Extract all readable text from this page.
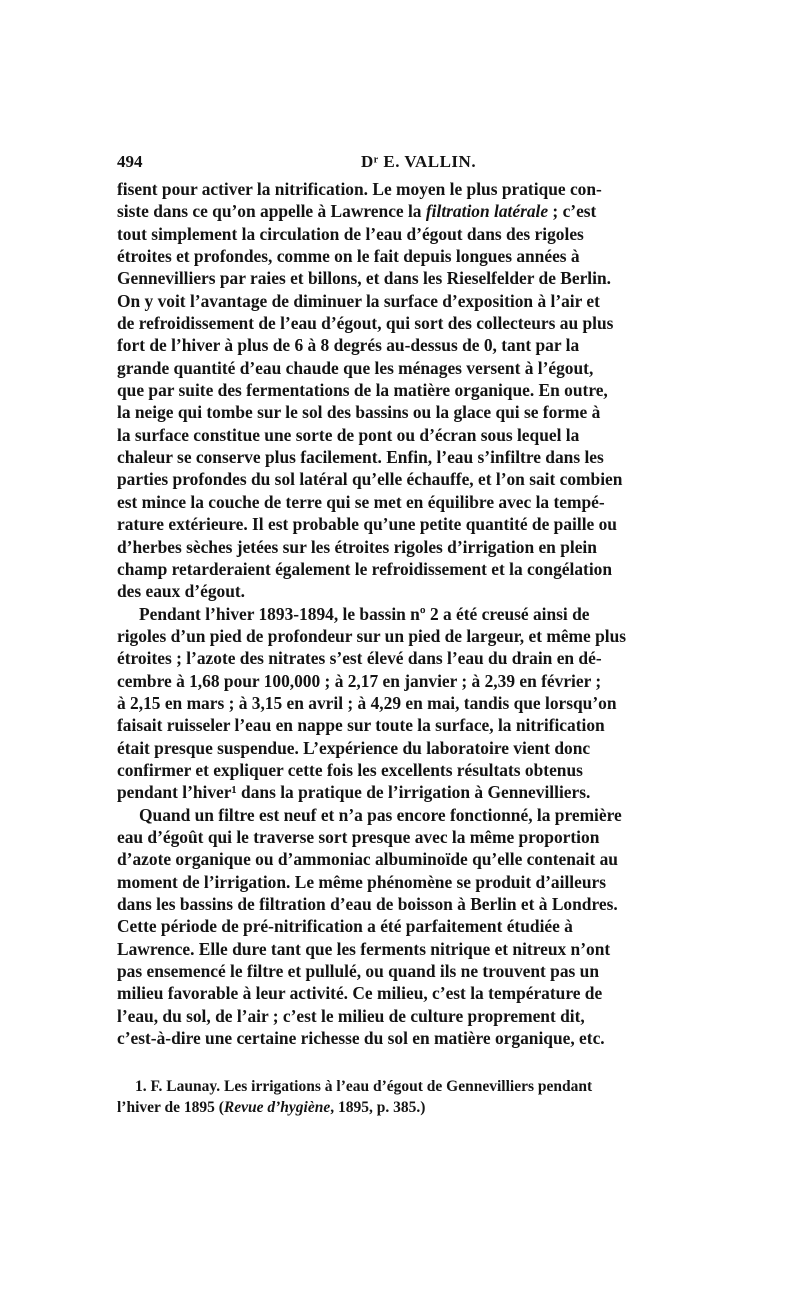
494	Dʳ E. VALLIN.

fisent pour activer la nitrification. Le moyen le plus pratique con-
siste dans ce qu’on appelle à Lawrence la filtration latérale ; c’est
tout simplement la circulation de l’eau d’égout dans des rigoles
étroites et profondes, comme on le fait depuis longues années à
Gennevilliers par raies et billons, et dans les Rieselfelder de Berlin.
On y voit l’avantage de diminuer la surface d’exposition à l’air et
de refroidissement de l’eau d’égout, qui sort des collecteurs au plus
fort de l’hiver à plus de 6 à 8 degrés au-dessus de 0, tant par la
grande quantité d’eau chaude que les ménages versent à l’égout,
que par suite des fermentations de la matière organique. En outre,
la neige qui tombe sur le sol des bassins ou la glace qui se forme à
la surface constitue une sorte de pont ou d’écran sous lequel la
chaleur se conserve plus facilement. Enfin, l’eau s’infiltre dans les
parties profondes du sol latéral qu’elle échauffe, et l’on sait combien
est mince la couche de terre qui se met en équilibre avec la tempé-
rature extérieure. Il est probable qu’une petite quantité de paille ou
d’herbes sèches jetées sur les étroites rigoles d’irrigation en plein
champ retarderaient également le refroidissement et la congélation
des eaux d’égout.

Pendant l’hiver 1893-1894, le bassin nº 2 a été creusé ainsi de
rigoles d’un pied de profondeur sur un pied de largeur, et même plus
étroites ; l’azote des nitrates s’est élevé dans l’eau du drain en dé-
cembre à 1,68 pour 100,000 ; à 2,17 en janvier ; à 2,39 en février ;
à 2,15 en mars ; à 3,15 en avril ; à 4,29 en mai, tandis que lorsqu’on
faisait ruisseler l’eau en nappe sur toute la surface, la nitrification
était presque suspendue. L’expérience du laboratoire vient donc
confirmer et expliquer cette fois les excellents résultats obtenus
pendant l’hiver¹ dans la pratique de l’irrigation à Gennevilliers.

Quand un filtre est neuf et n’a pas encore fonctionné, la première
eau d’égoût qui le traverse sort presque avec la même proportion
d’azote organique ou d’ammoniac albuminoïde qu’elle contenait au
moment de l’irrigation. Le même phénomène se produit d’ailleurs
dans les bassins de filtration d’eau de boisson à Berlin et à Londres.
Cette période de pré-nitrification a été parfaitement étudiée à
Lawrence. Elle dure tant que les ferments nitrique et nitreux n’ont
pas ensemencé le filtre et pullulé, ou quand ils ne trouvent pas un
milieu favorable à leur activité. Ce milieu, c’est la température de
l’eau, du sol, de l’air ; c’est le milieu de culture proprement dit,
c’est-à-dire une certaine richesse du sol en matière organique, etc.

1. F. Launay. Les irrigations à l’eau d’égout de Gennevilliers pendant
l’hiver de 1895 (Revue d’hygiène, 1895, p. 385.)
